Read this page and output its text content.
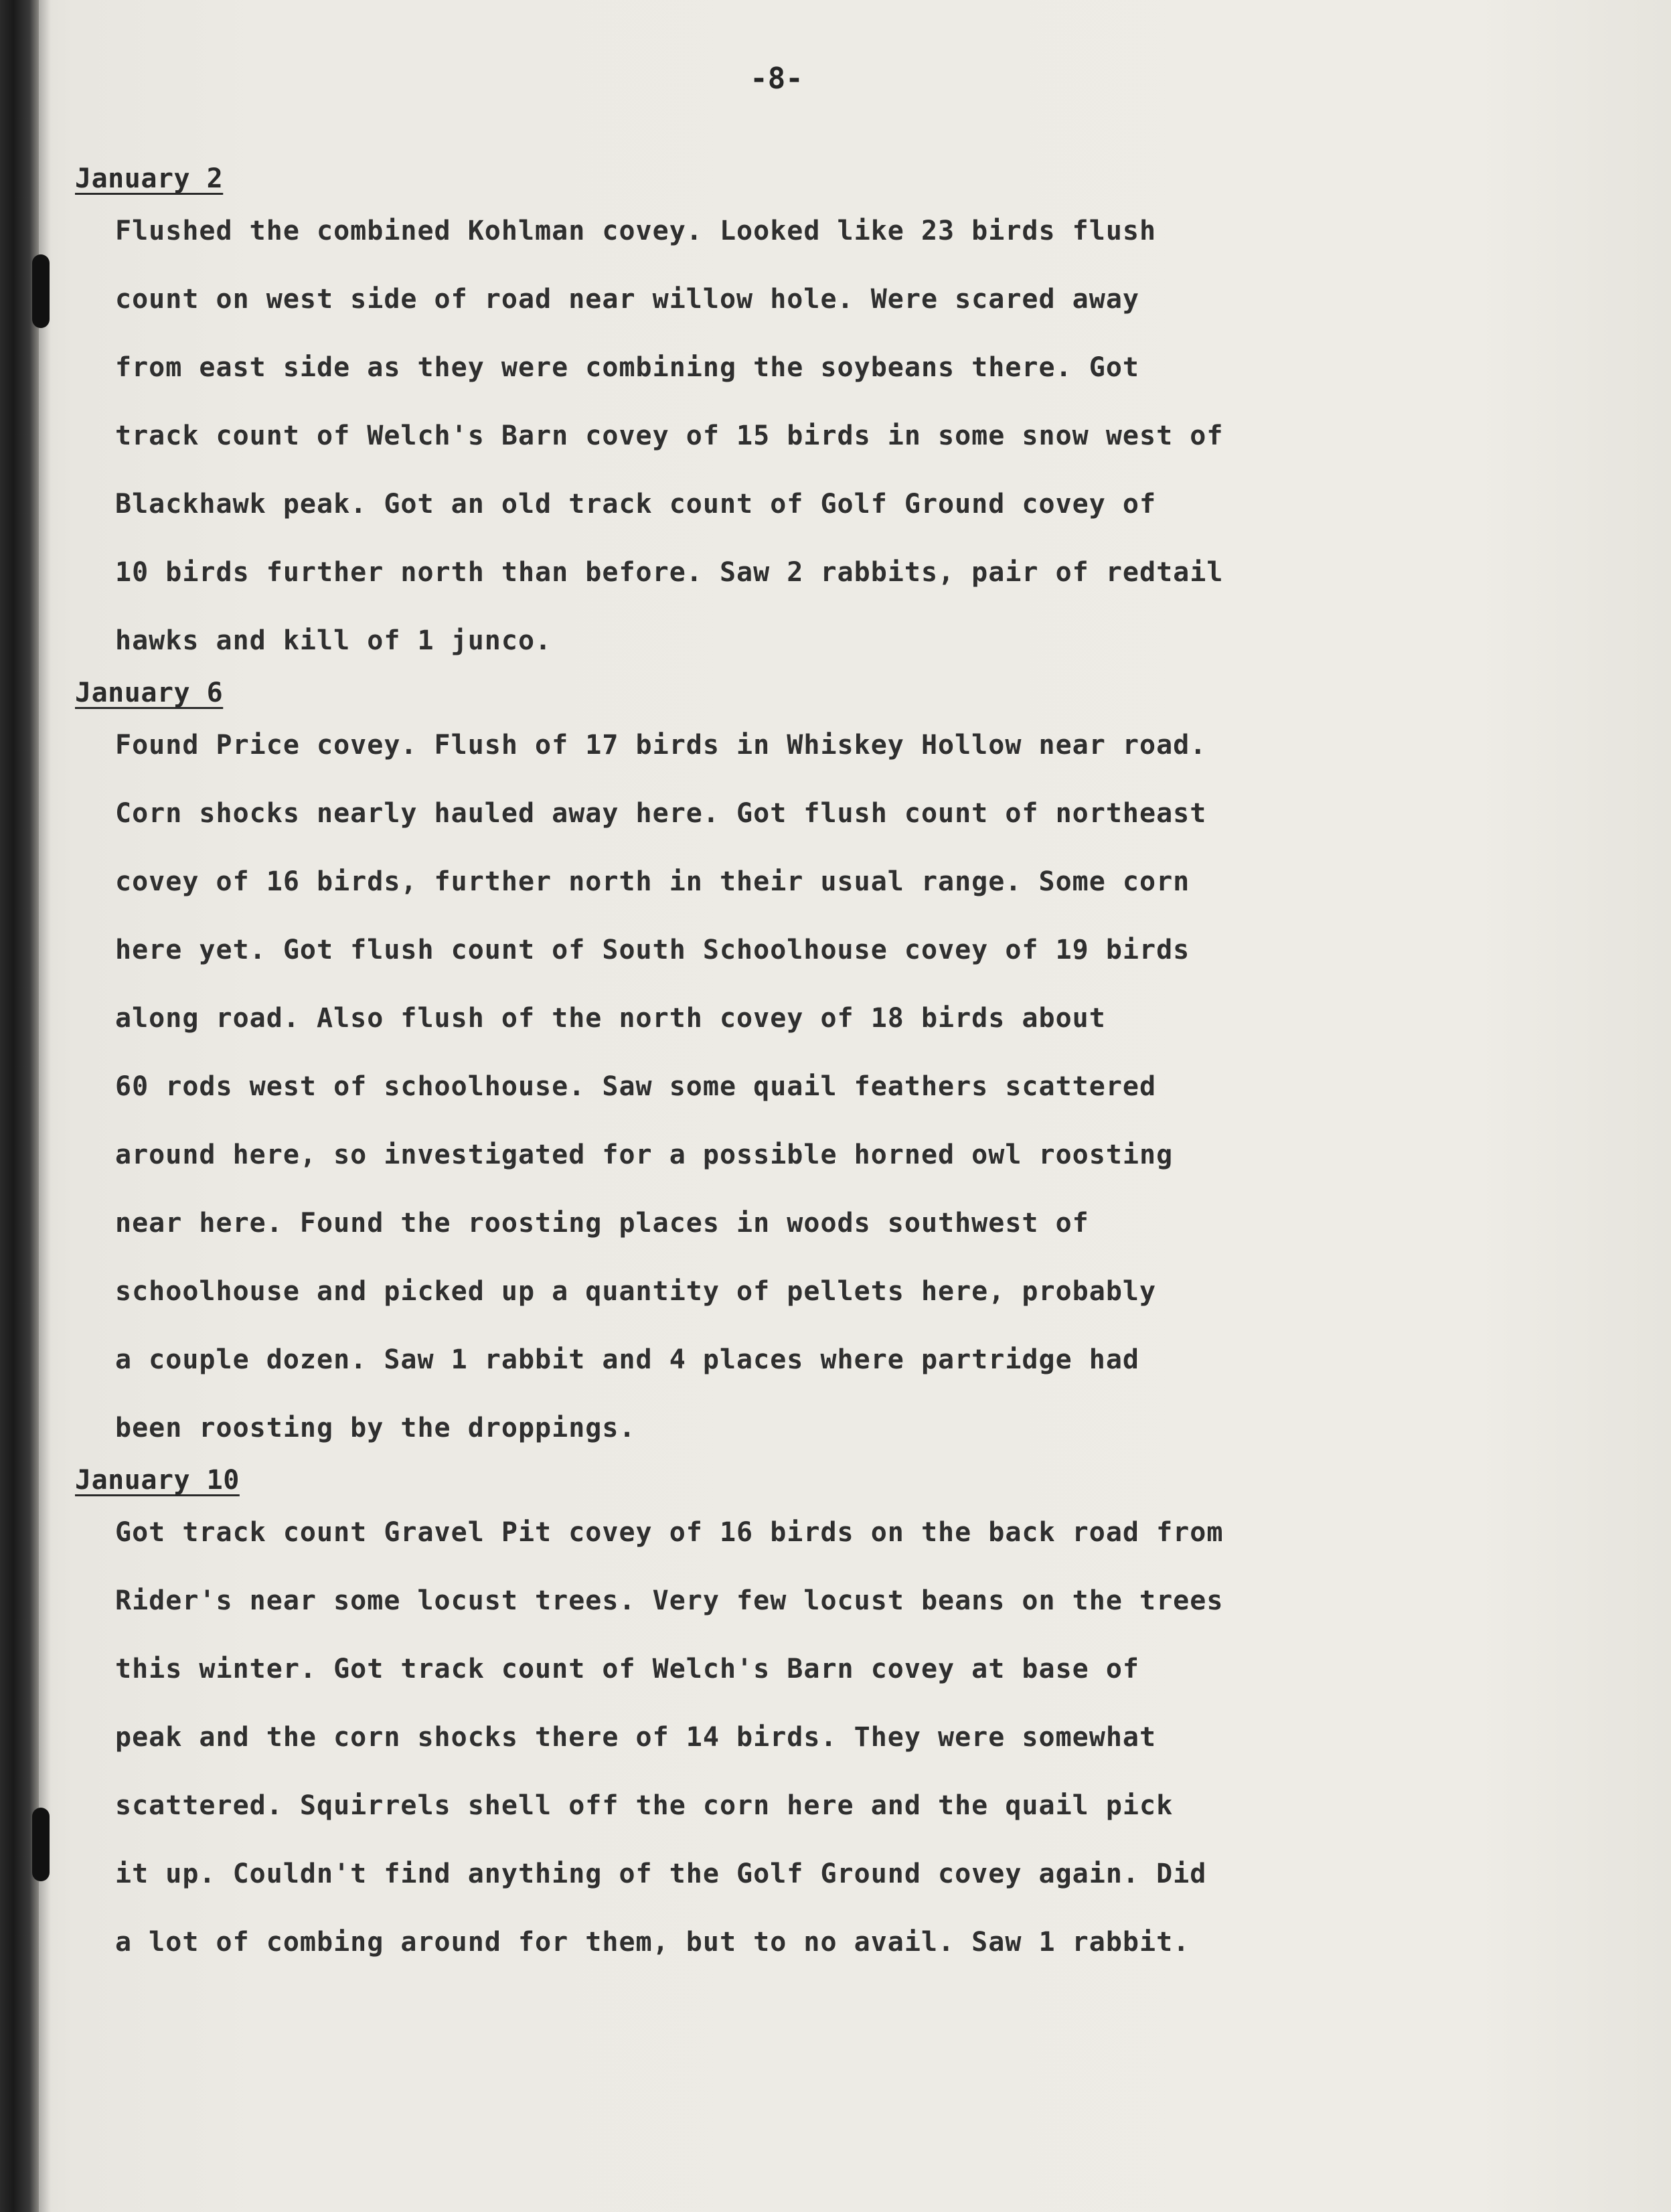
-8-
January 2
Flushed the combined Kohlman covey. Looked like 23 birds flush
count on west side of road near willow hole. Were scared away
from east side as they were combining the soybeans there. Got
track count of Welch's Barn covey of 15 birds in some snow west of
Blackhawk peak. Got an old track count of Golf Ground covey of
10 birds further north than before. Saw 2 rabbits, pair of redtail
hawks and kill of 1 junco.
January 6
Found Price covey. Flush of 17 birds in Whiskey Hollow near road.
Corn shocks nearly hauled away here. Got flush count of northeast
covey of 16 birds, further north in their usual range. Some corn
here yet. Got flush count of South Schoolhouse covey of 19 birds
along road. Also flush of the north covey of 18 birds about
60 rods west of schoolhouse. Saw some quail feathers scattered
around here, so investigated for a possible horned owl roosting
near here. Found the roosting places in woods southwest of
schoolhouse and picked up a quantity of pellets here, probably
a couple dozen. Saw 1 rabbit and 4 places where partridge had
been roosting by the droppings.
January 10
Got track count Gravel Pit covey of 16 birds on the back road from
Rider's near some locust trees. Very few locust beans on the trees
this winter. Got track count of Welch's Barn covey at base of
peak and the corn shocks there of 14 birds. They were somewhat
scattered. Squirrels shell off the corn here and the quail pick
it up. Couldn't find anything of the Golf Ground covey again. Did
a lot of combing around for them, but to no avail. Saw 1 rabbit.
